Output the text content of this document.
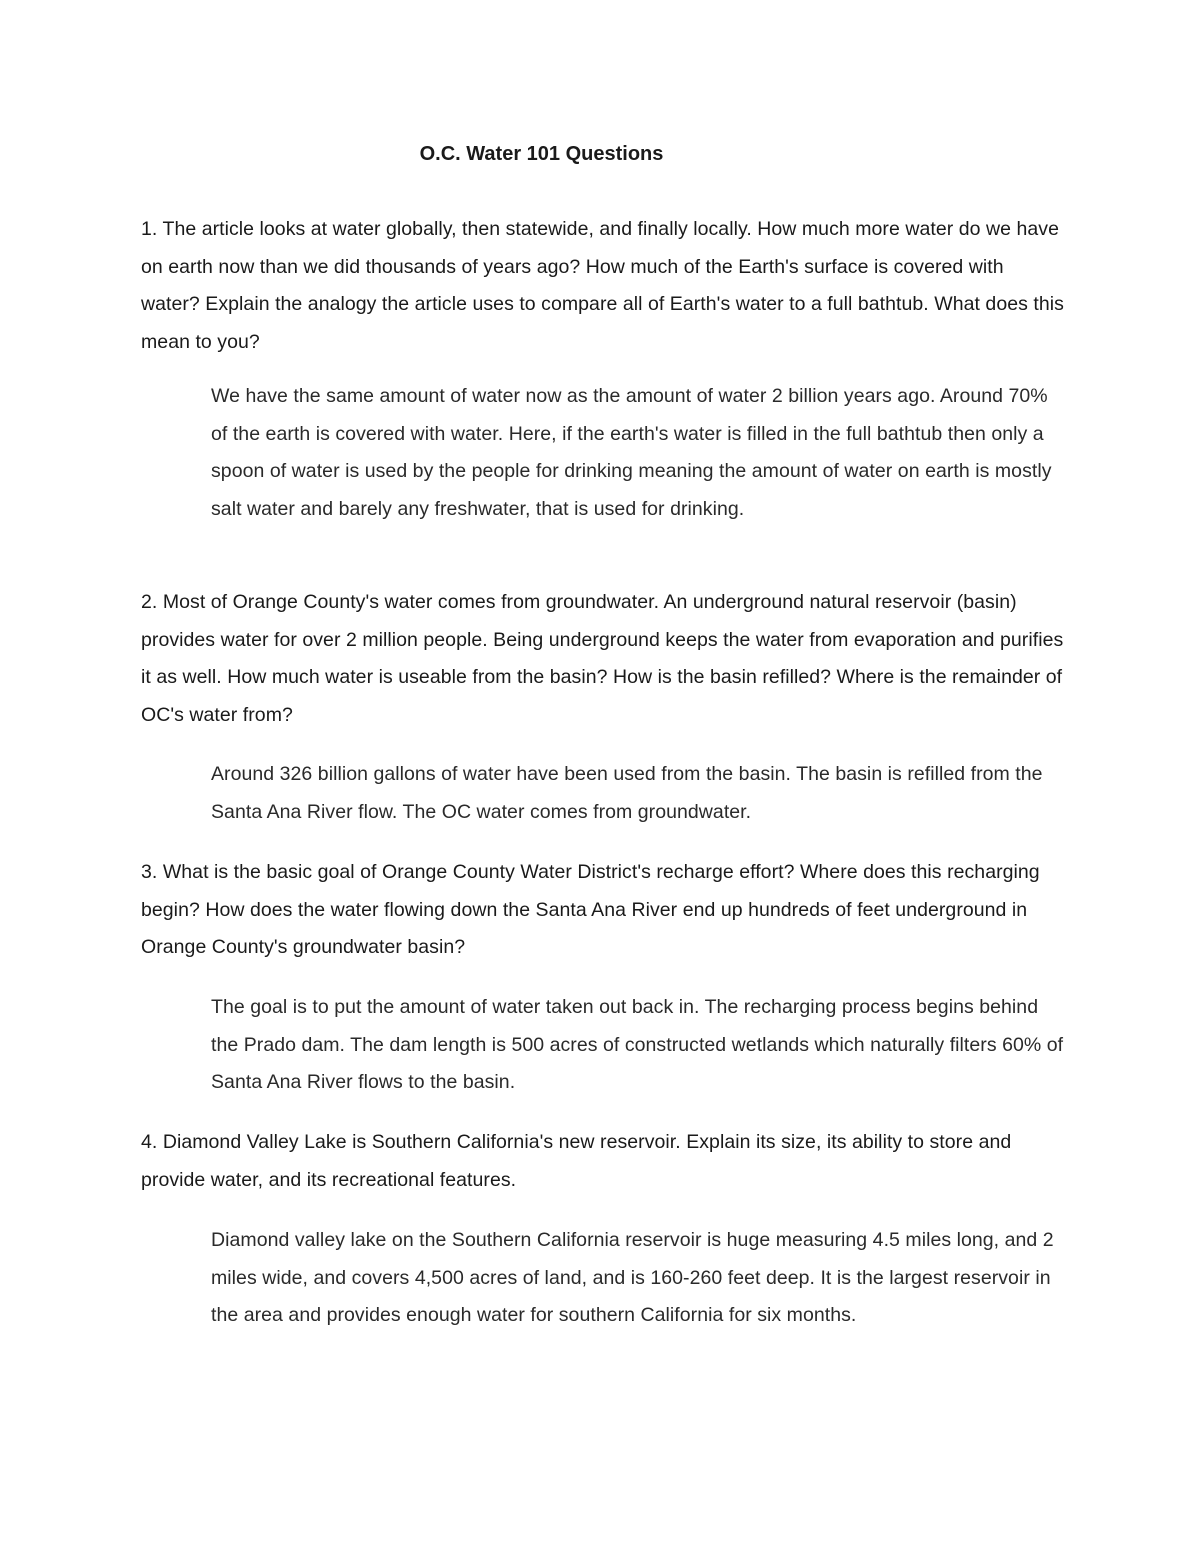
O.C. Water 101 Questions

1. The article looks at water globally, then statewide, and finally locally. How much more water do we have on earth now than we did thousands of years ago? How much of the Earth's surface is covered with water? Explain the analogy the article uses to compare all of Earth's water to a full bathtub. What does this mean to you?

We have the same amount of water now as the amount of water 2 billion years ago. Around 70% of the earth is covered with water. Here, if the earth's water is filled in the full bathtub then only a spoon of water is used by the people for drinking meaning the amount of water on earth is mostly salt water and barely any freshwater, that is used for drinking.

2. Most of Orange County's water comes from groundwater. An underground natural reservoir (basin) provides water for over 2 million people. Being underground keeps the water from evaporation and purifies it as well. How much water is useable from the basin? How is the basin refilled? Where is the remainder of OC's water from?

Around 326 billion gallons of water have been used from the basin. The basin is refilled from the Santa Ana River flow. The OC water comes from groundwater.

3. What is the basic goal of Orange County Water District's recharge effort? Where does this recharging begin? How does the water flowing down the Santa Ana River end up hundreds of feet underground in Orange County's groundwater basin?

The goal is to put the amount of water taken out back in. The recharging process begins behind the Prado dam. The dam length is 500 acres of constructed wetlands which naturally filters 60% of Santa Ana River flows to the basin.

4. Diamond Valley Lake is Southern California's new reservoir. Explain its size, its ability to store and provide water, and its recreational features.

Diamond valley lake on the Southern California reservoir is huge measuring 4.5 miles long, and 2 miles wide, and covers 4,500 acres of land, and is 160-260 feet deep. It is the largest reservoir in the area and provides enough water for southern California for six months.
